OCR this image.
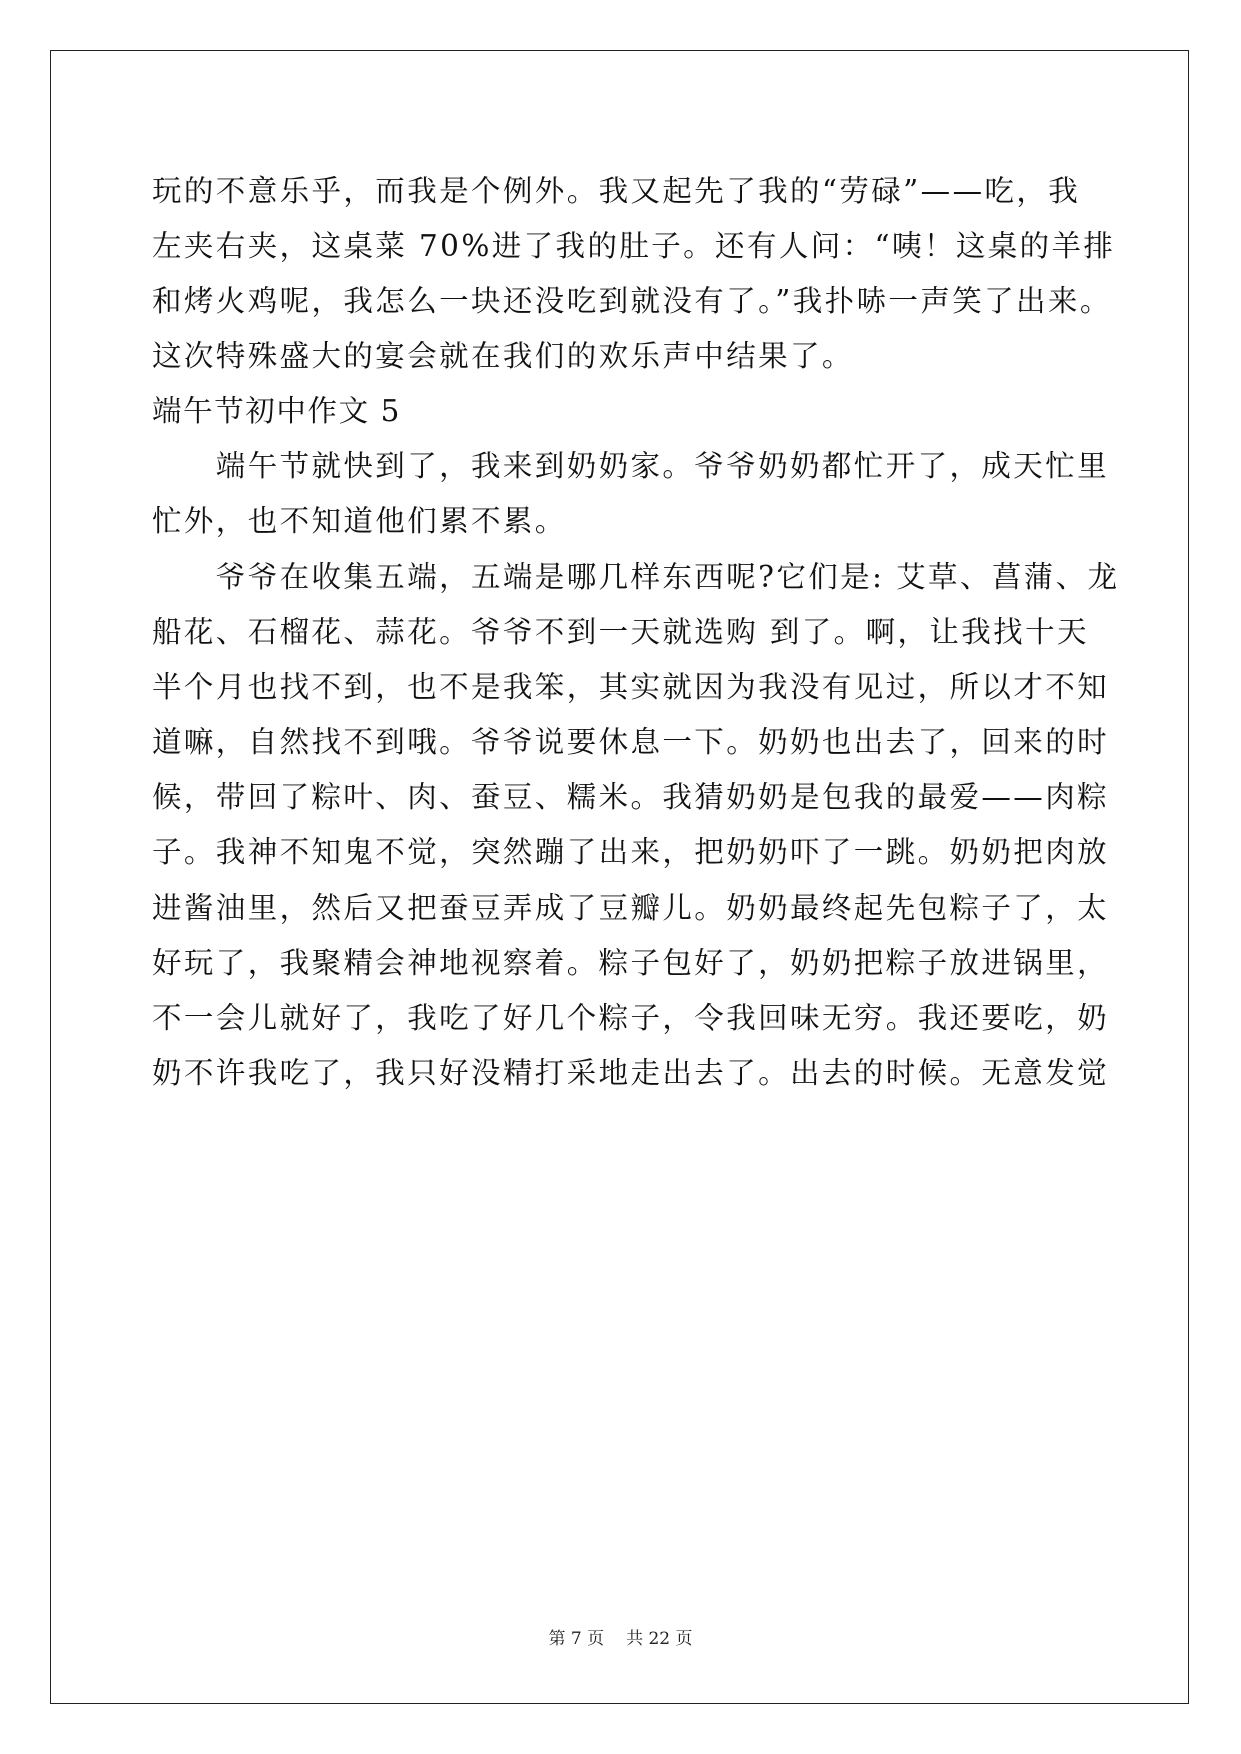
玩的不意乐乎，而我是个例外。我又起先了我的“劳碌”——吃，我
左夹右夹，这桌菜 70%进了我的肚子。还有人问：“咦！这桌的羊排
和烤火鸡呢，我怎么一块还没吃到就没有了。”我扑哧一声笑了出来。
这次特殊盛大的宴会就在我们的欢乐声中结果了。
端午节初中作文 5
　　端午节就快到了，我来到奶奶家。爷爷奶奶都忙开了，成天忙里
忙外，也不知道他们累不累。
　　爷爷在收集五端，五端是哪几样东西呢?它们是: 艾草、菖蒲、龙
船花、石榴花、蒜花。爷爷不到一天就选购 到了。啊，让我找十天
半个月也找不到，也不是我笨，其实就因为我没有见过，所以才不知
道嘛，自然找不到哦。爷爷说要休息一下。奶奶也出去了，回来的时
候，带回了粽叶、肉、蚕豆、糯米。我猜奶奶是包我的最爱——肉粽
子。我神不知鬼不觉，突然蹦了出来，把奶奶吓了一跳。奶奶把肉放
进酱油里，然后又把蚕豆弄成了豆瓣儿。奶奶最终起先包粽子了，太
好玩了，我聚精会神地视察着。粽子包好了，奶奶把粽子放进锅里，
不一会儿就好了，我吃了好几个粽子，令我回味无穷。我还要吃，奶
奶不许我吃了，我只好没精打采地走出去了。出去的时候。无意发觉
第 7 页 共 22 页
